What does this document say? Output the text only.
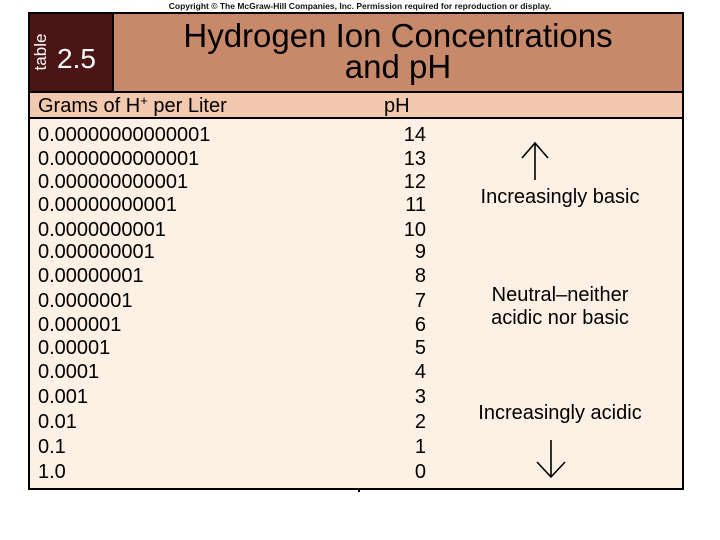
Copyright © The McGraw-Hill Companies, Inc. Permission required for reproduction or display.
table 2.5
Hydrogen Ion Concentrations
and pH
Grams of H+ per Liter	pH
0.00000000000001	14
0.0000000000001	13
0.000000000001	12
0.00000000001	11
0.0000000001	10
0.000000001	9
0.00000001	8
0.0000001	7
0.000001	6
0.00001	5
0.0001	4
0.001	3
0.01	2
0.1	1
1.0	0
Increasingly basic
Neutral–neither
acidic nor basic
Increasingly acidic
